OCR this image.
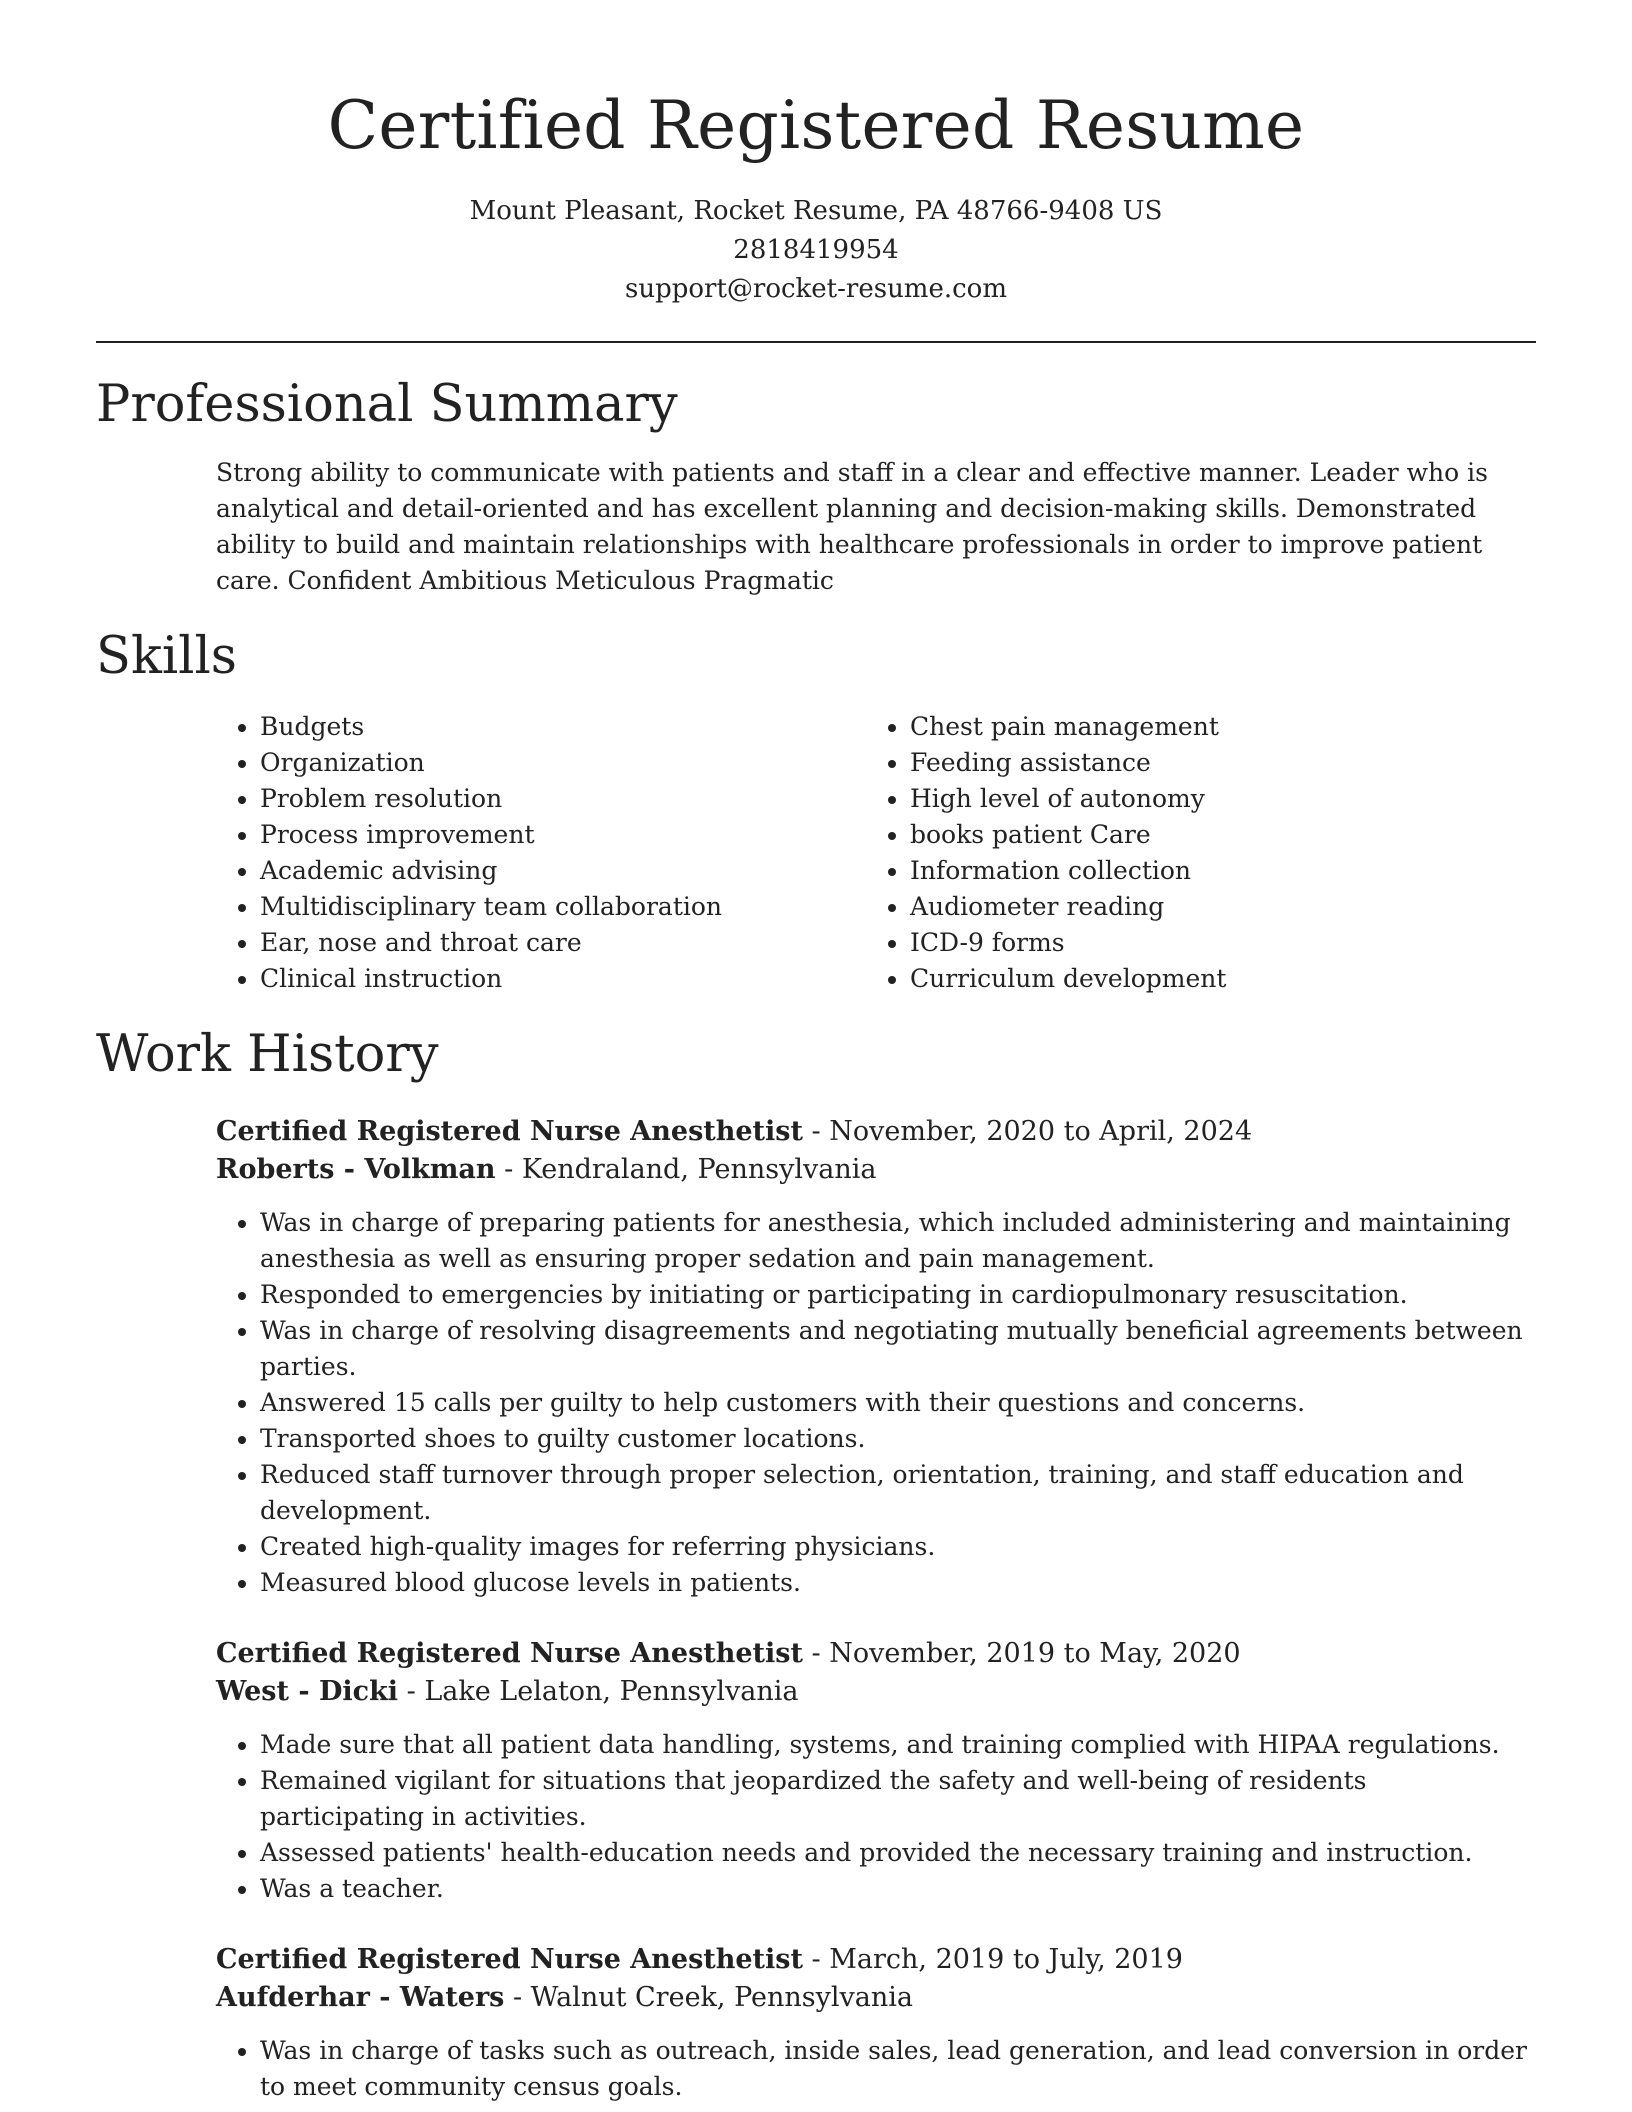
Certified Registered Resume
Mount Pleasant, Rocket Resume, PA 48766-9408 US
2818419954
support@rocket-resume.com
Professional Summary

Strong ability to communicate with patients and staff in a clear and effective manner. Leader who is analytical and detail-oriented and has excellent planning and decision-making skills. Demonstrated ability to build and maintain relationships with healthcare professionals in order to improve patient care. Confident Ambitious Meticulous Pragmatic

Skills
• Budgets
• Organization
• Problem resolution
• Process improvement
• Academic advising
• Multidisciplinary team collaboration
• Ear, nose and throat care
• Clinical instruction
• Chest pain management
• Feeding assistance
• High level of autonomy
• books patient Care
• Information collection
• Audiometer reading
• ICD-9 forms
• Curriculum development
Work History
Certified Registered Nurse Anesthetist - November, 2020 to April, 2024
Roberts - Volkman - Kendraland, Pennsylvania
• Was in charge of preparing patients for anesthesia, which included administering and maintaining anesthesia as well as ensuring proper sedation and pain management.
• Responded to emergencies by initiating or participating in cardiopulmonary resuscitation.
• Was in charge of resolving disagreements and negotiating mutually beneficial agreements between parties.
• Answered 15 calls per guilty to help customers with their questions and concerns.
• Transported shoes to guilty customer locations.
• Reduced staff turnover through proper selection, orientation, training, and staff education and development.
• Created high-quality images for referring physicians.
• Measured blood glucose levels in patients.
Certified Registered Nurse Anesthetist - November, 2019 to May, 2020
West - Dicki - Lake Lelaton, Pennsylvania
• Made sure that all patient data handling, systems, and training complied with HIPAA regulations.
• Remained vigilant for situations that jeopardized the safety and well-being of residents participating in activities.
• Assessed patients' health-education needs and provided the necessary training and instruction.
• Was a teacher.
Certified Registered Nurse Anesthetist - March, 2019 to July, 2019
Aufderhar - Waters - Walnut Creek, Pennsylvania
• Was in charge of tasks such as outreach, inside sales, lead generation, and lead conversion in order to meet community census goals.
